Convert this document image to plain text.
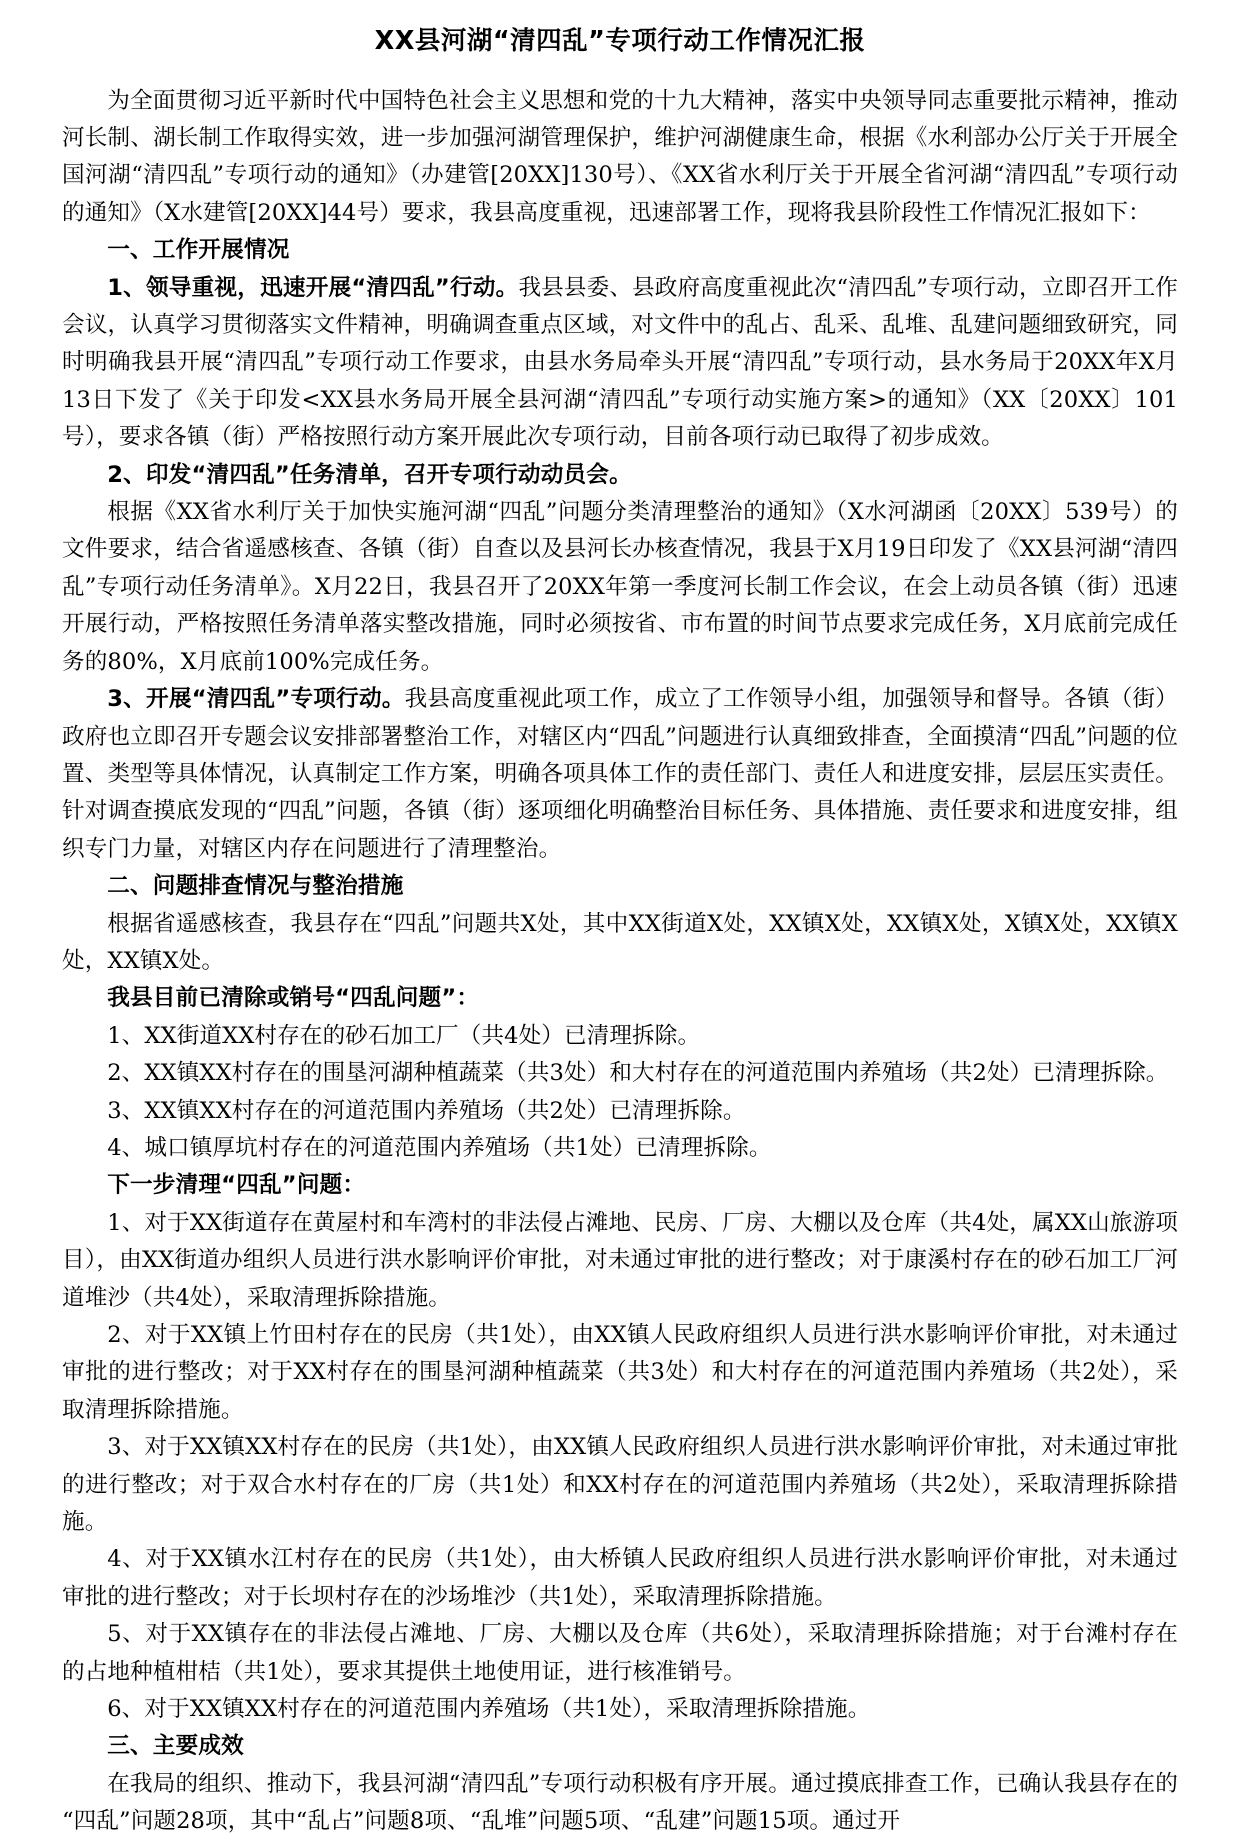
XX县河湖“清四乱”专项行动工作情况汇报

为全面贯彻习近平新时代中国特色社会主义思想和党的十九大精神，落实中央领导同志重要批示精神，推动河长制、湖长制工作取得实效，进一步加强河湖管理保护，维护河湖健康生命，根据《水利部办公厅关于开展全国河湖“清四乱”专项行动的通知》（办建管[20XX]130号）、《XX省水利厅关于开展全省河湖“清四乱”专项行动的通知》（X水建管[20XX]44号）要求，我县高度重视，迅速部署工作，现将我县阶段性工作情况汇报如下：

一、工作开展情况

1、领导重视，迅速开展“清四乱”行动。我县县委、县政府高度重视此次“清四乱”专项行动，立即召开工作会议，认真学习贯彻落实文件精神，明确调查重点区域，对文件中的乱占、乱采、乱堆、乱建问题细致研究，同时明确我县开展“清四乱”专项行动工作要求，由县水务局牵头开展“清四乱”专项行动，县水务局于20XX年X月13日下发了《关于印发<XX县水务局开展全县河湖“清四乱”专项行动实施方案>的通知》（XX〔20XX〕101号），要求各镇（街）严格按照行动方案开展此次专项行动，目前各项行动已取得了初步成效。

2、印发“清四乱”任务清单，召开专项行动动员会。

根据《XX省水利厅关于加快实施河湖“四乱”问题分类清理整治的通知》（X水河湖函〔20XX〕539号）的文件要求，结合省遥感核查、各镇（街）自查以及县河长办核查情况，我县于X月19日印发了《XX县河湖“清四乱”专项行动任务清单》。X月22日，我县召开了20XX年第一季度河长制工作会议，在会上动员各镇（街）迅速开展行动，严格按照任务清单落实整改措施，同时必须按省、市布置的时间节点要求完成任务，X月底前完成任务的80%，X月底前100%完成任务。

3、开展“清四乱”专项行动。我县高度重视此项工作，成立了工作领导小组，加强领导和督导。各镇（街）政府也立即召开专题会议安排部署整治工作，对辖区内“四乱”问题进行认真细致排查，全面摸清“四乱”问题的位置、类型等具体情况，认真制定工作方案，明确各项具体工作的责任部门、责任人和进度安排，层层压实责任。针对调查摸底发现的“四乱”问题，各镇（街）逐项细化明确整治目标任务、具体措施、责任要求和进度安排，组织专门力量，对辖区内存在问题进行了清理整治。

二、问题排查情况与整治措施

根据省遥感核查，我县存在“四乱”问题共X处，其中XX街道X处，XX镇X处，XX镇X处，X镇X处，XX镇X处，XX镇X处。

我县目前已清除或销号“四乱问题”：

1、XX街道XX村存在的砂石加工厂（共4处）已清理拆除。

2、XX镇XX村存在的围垦河湖种植蔬菜（共3处）和大村存在的河道范围内养殖场（共2处）已清理拆除。

3、XX镇XX村存在的河道范围内养殖场（共2处）已清理拆除。

4、城口镇厚坑村存在的河道范围内养殖场（共1处）已清理拆除。

下一步清理“四乱”问题：

1、对于XX街道存在黄屋村和车湾村的非法侵占滩地、民房、厂房、大棚以及仓库（共4处，属XX山旅游项目），由XX街道办组织人员进行洪水影响评价审批，对未通过审批的进行整改；对于康溪村存在的砂石加工厂河道堆沙（共4处），采取清理拆除措施。

2、对于XX镇上竹田村存在的民房（共1处），由XX镇人民政府组织人员进行洪水影响评价审批，对未通过审批的进行整改；对于XX村存在的围垦河湖种植蔬菜（共3处）和大村存在的河道范围内养殖场（共2处），采取清理拆除措施。

3、对于XX镇XX村存在的民房（共1处），由XX镇人民政府组织人员进行洪水影响评价审批，对未通过审批的进行整改；对于双合水村存在的厂房（共1处）和XX村存在的河道范围内养殖场（共2处），采取清理拆除措施。

4、对于XX镇水江村存在的民房（共1处），由大桥镇人民政府组织人员进行洪水影响评价审批，对未通过审批的进行整改；对于长坝村存在的沙场堆沙（共1处），采取清理拆除措施。

5、对于XX镇存在的非法侵占滩地、厂房、大棚以及仓库（共6处），采取清理拆除措施；对于台滩村存在的占地种植柑桔（共1处），要求其提供土地使用证，进行核准销号。

6、对于XX镇XX村存在的河道范围内养殖场（共1处），采取清理拆除措施。

三、主要成效

在我局的组织、推动下，我县河湖“清四乱”专项行动积极有序开展。通过摸底排查工作，已确认我县存在的“四乱”问题28项，其中“乱占”问题8项、“乱堆”问题5项、“乱建”问题15项。通过开
